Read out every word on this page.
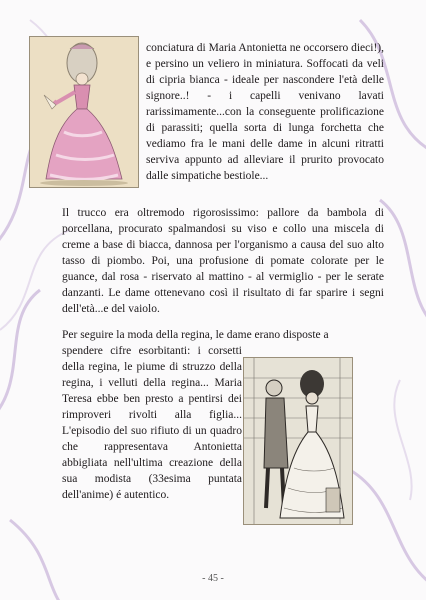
conciatura di Maria Antonietta ne occorsero dieci!), e persino un veliero in miniatura. Soffocati da veli di cipria bianca - ideale per nascondere l'età delle signore..! - i capelli venivano lavati rarissimamente...con la conseguente prolificazione di parassiti; quella sorta di lunga forchetta che vediamo fra le mani delle dame in alcuni ritratti serviva appunto ad alleviare il prurito provocato dalle simpatiche bestiole...

Il trucco era oltremodo rigorosissimo: pallore da bambola di porcellana, procurato spalmandosi su viso e collo una miscela di creme a base di biacca, dannosa per l'organismo a causa del suo alto tasso di piombo. Poi, una profusione di pomate colorate per le guance, dal rosa - riservato al mattino - al vermiglio - per le serate danzanti. Le dame ottenevano così il risultato di far sparire i segni dell'età...e del vaiolo.

Per seguire la moda della regina, le dame erano disposte a

spendere cifre esorbitanti: i corsetti della regina, le piume di struzzo della regina, i velluti della regina... Maria Teresa ebbe ben presto a pentirsi dei rimproveri rivolti alla figlia... L'episodio del suo rifiuto di un quadro che rappresentava Antonietta abbigliata nell'ultima creazione della sua modista (33esima puntata dell'anime) é autentico.

- 45 -
